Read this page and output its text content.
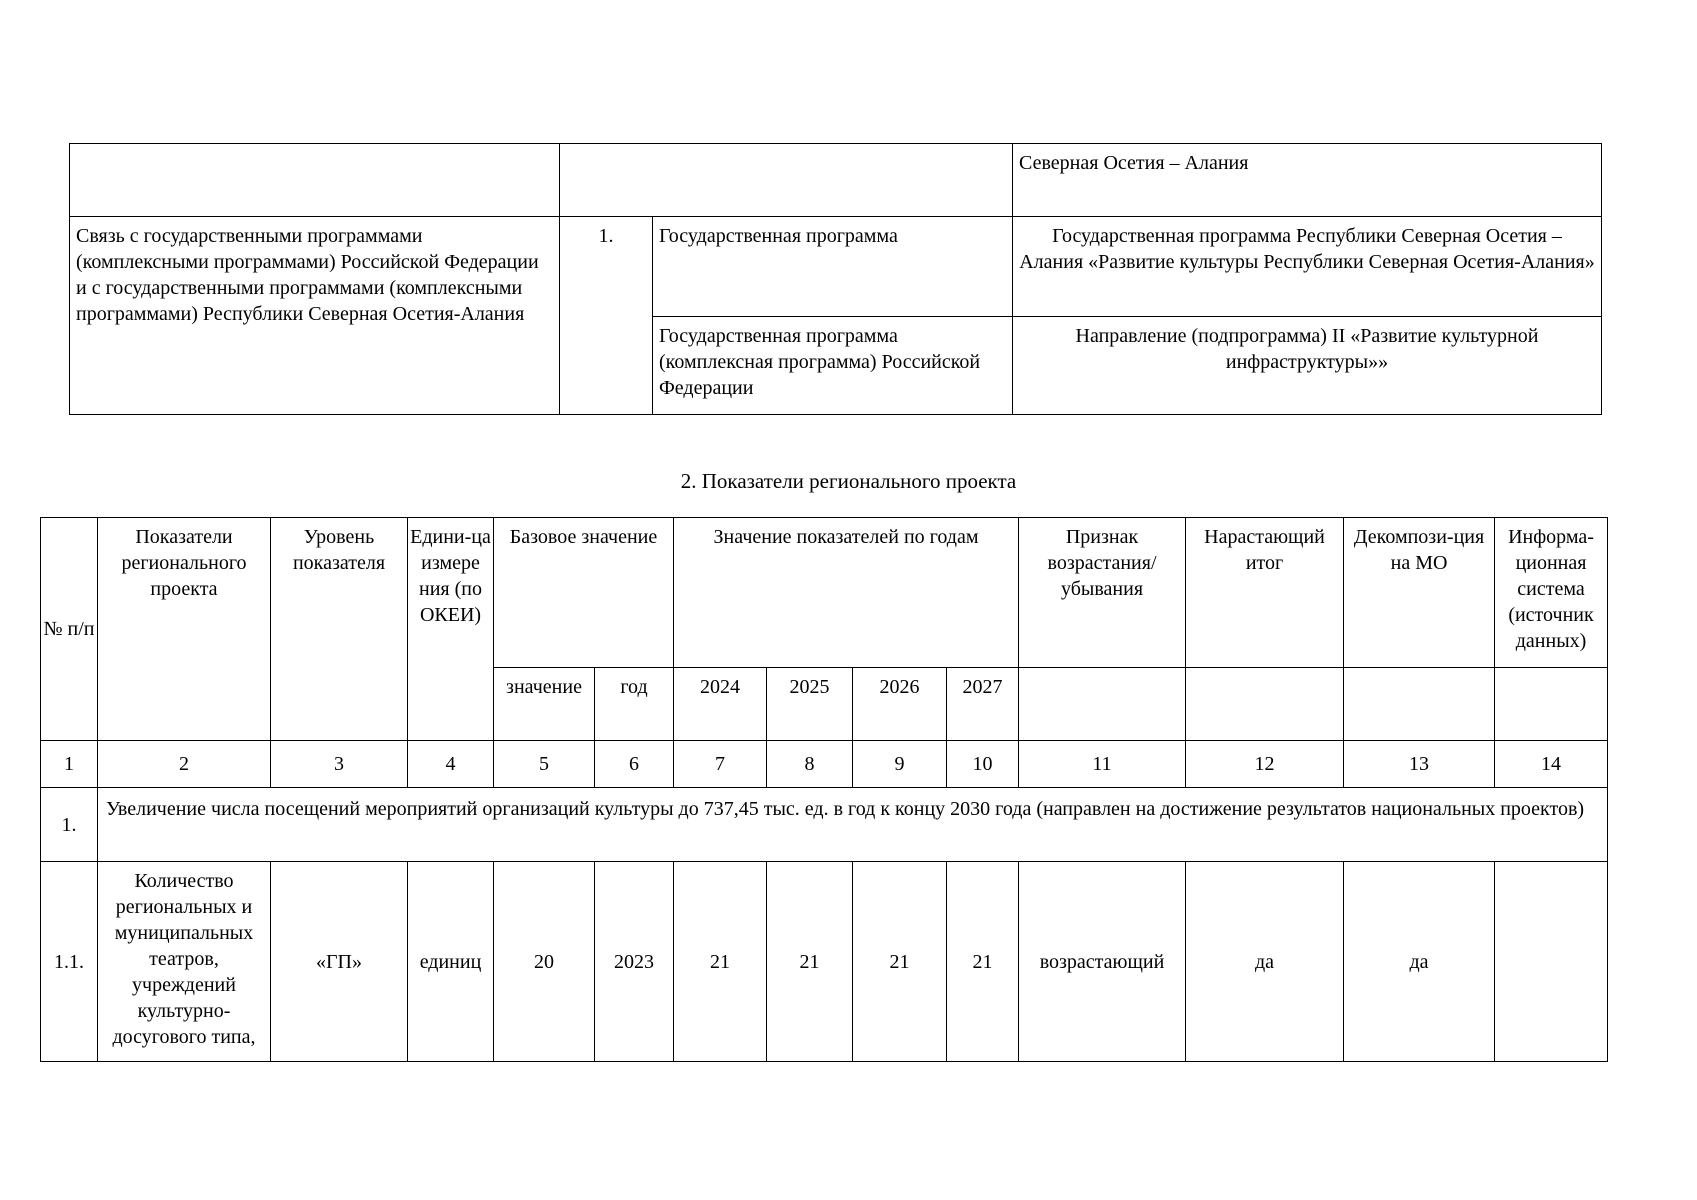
			Северная Осетия – Алания
Связь с государственными программами (комплексными программами) Российской Федерации и с государственными программами (комплексными программами) Республики Северная Осетия-Алания	1.	Государственная программа	Государственная программа Республики Северная Осетия – Алания «Развитие культуры Республики Северная Осетия-Алания»
		Государственная программа (комплексная программа) Российской Федерации	Направление (подпрограмма) II «Развитие культурной инфраструктуры»»
2. Показатели регионального проекта
№ п/п	Показатели регионального проекта	Уровень показателя	Едини-ца измере ния (по ОКЕИ)	Базовое значение		Значение показателей по годам				Признак возрастания/ убывания	Нарастающий итог	Декомпози-ция на МО	Информа-ционная система (источник данных)
				значение	год	2024	2025	2026	2027				
1	2	3	4	5	6	7	8	9	10	11	12	13	14
1.	Увеличение числа посещений мероприятий организаций культуры до 737,45 тыс. ед. в год к концу 2030 года (направлен на достижение результатов национальных проектов)												
1.1.	Количество региональных и муниципальных театров, учреждений культурно-досугового типа,	«ГП»	единиц	20	2023	21	21	21	21	возрастающий	да	да	
